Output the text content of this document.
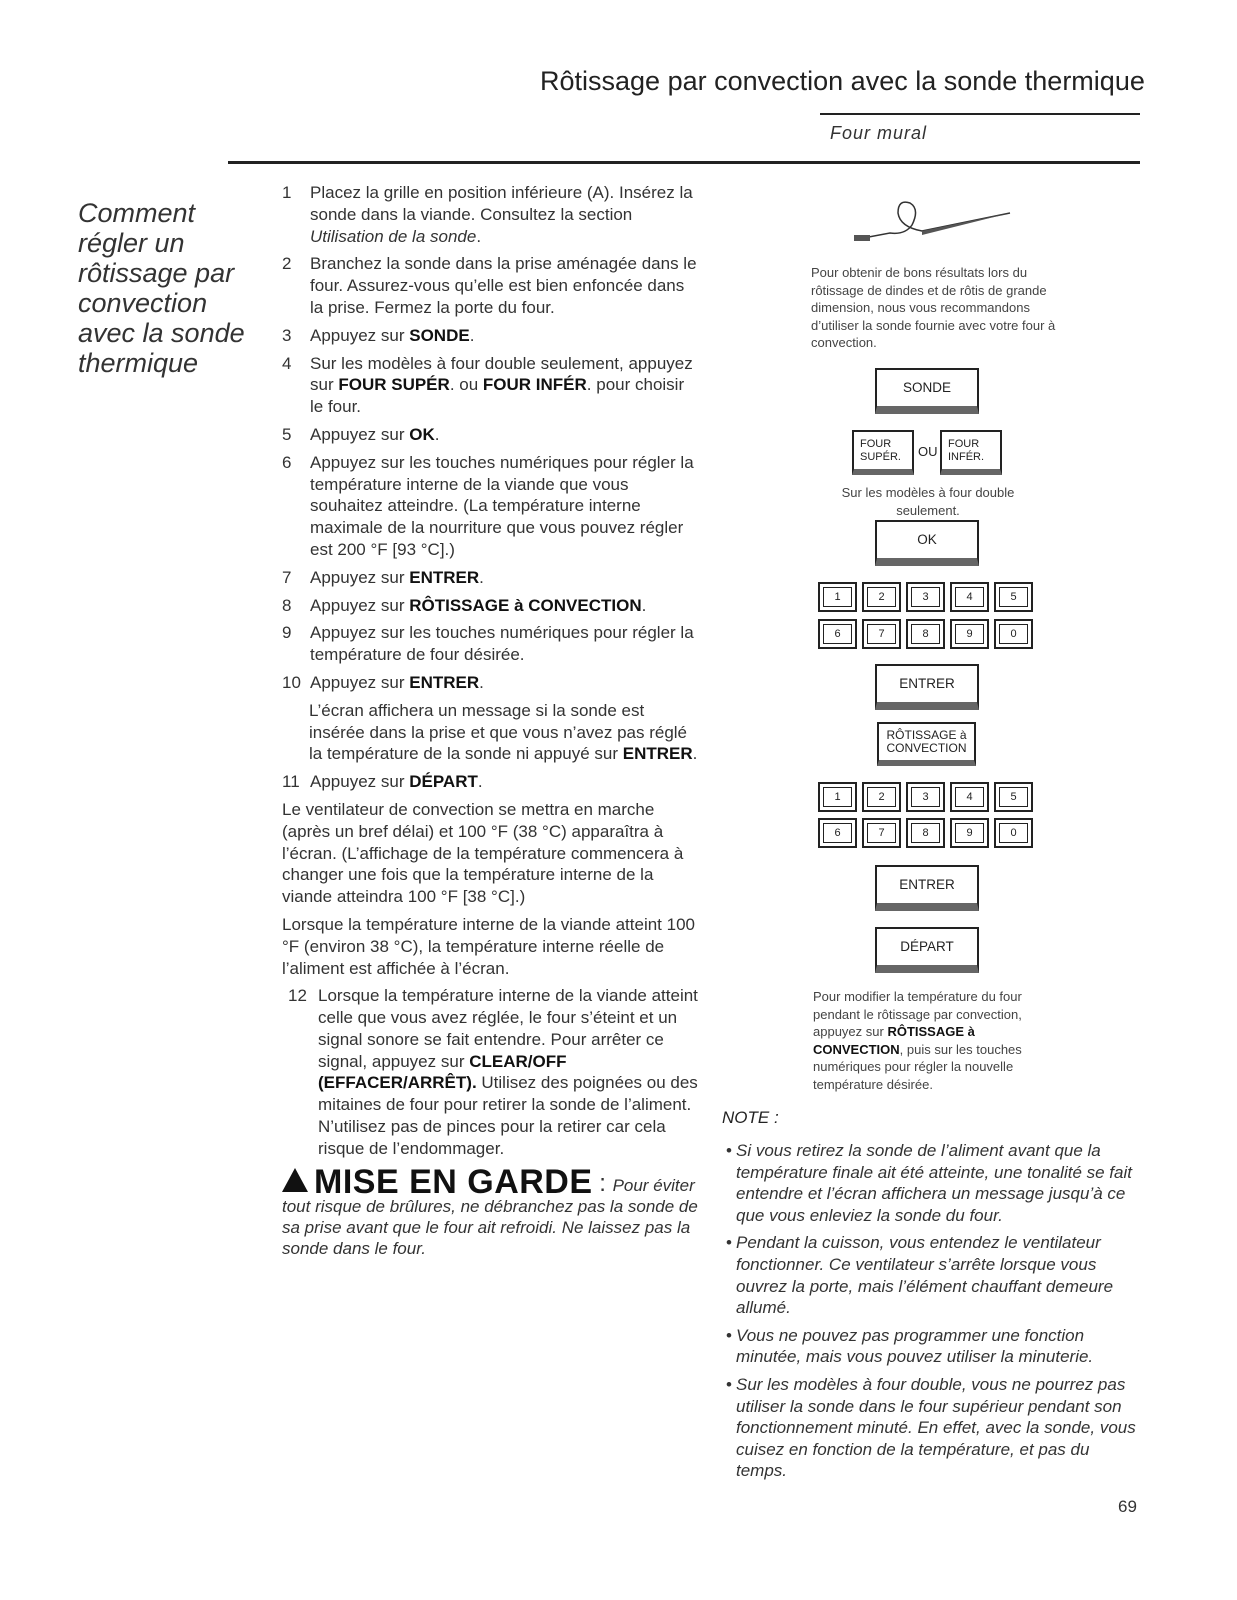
Rôtissage par convection avec la sonde thermique
Four mural
Comment régler un rôtissage par convection avec la sonde thermique
1	Placez la grille en position inférieure (A). Insérez la sonde dans la viande. Consultez la section Utilisation de la sonde.
2	Branchez la sonde dans la prise aménagée dans le four. Assurez-vous qu’elle est bien enfoncée dans la prise. Fermez la porte du four.
3	Appuyez sur SONDE.
4	Sur les modèles à four double seulement, appuyez sur FOUR SUPÉR. ou FOUR INFÉR. pour choisir le four.
5	Appuyez sur OK.
6	Appuyez sur les touches numériques pour régler la température interne de la viande que vous souhaitez atteindre. (La température interne maximale de la nourriture que vous pouvez régler est 200 °F [93 °C].)
7	Appuyez sur ENTRER.
8	Appuyez sur RÔTISSAGE à CONVECTION.
9	Appuyez sur les touches numériques pour régler la température de four désirée.
10 Appuyez sur ENTRER.
L’écran affichera un message si la sonde est insérée dans la prise et que vous n’avez pas réglé la température de la sonde ni appuyé sur ENTRER.
11 Appuyez sur DÉPART.
Le ventilateur de convection se mettra en marche (après un bref délai) et 100 °F (38 °C) apparaîtra à l’écran. (L’affichage de la température commencera à changer une fois que la température interne de la viande atteindra 100 °F [38 °C].)
Lorsque la température interne de la viande atteint 100 °F (environ 38 °C), la température interne réelle de l’aliment est affichée à l’écran.
12 Lorsque la température interne de la viande atteint celle que vous avez réglée, le four s’éteint et un signal sonore se fait entendre. Pour arrêter ce signal, appuyez sur CLEAR/OFF (EFFACER/ARRÊT). Utilisez des poignées ou des mitaines de four pour retirer la sonde de l’aliment. N’utilisez pas de pinces pour la retirer car cela risque de l’endommager.
MISE EN GARDE : Pour éviter tout risque de brûlures, ne débranchez pas la sonde de sa prise avant que le four ait refroidi. Ne laissez pas la sonde dans le four.
Pour obtenir de bons résultats lors du rôtissage de dindes et de rôtis de grande dimension, nous vous recommandons d’utiliser la sonde fournie avec votre four à convection.
SONDE
FOUR SUPÉR.	OU FOUR INFÉR.
Sur les modèles à four double seulement.
OK
1	2	3	4	5
6	7	8	9	0
ENTRER
RÔTISSAGE à
CONVECTION
1	2	3	4	5
6	7	8	9	0
ENTRER
DÉPART
Pour modifier la température du four pendant le rôtissage par convection, appuyez sur RÔTISSAGE à CONVECTION, puis sur les touches numériques pour régler la nouvelle température désirée.
NOTE :
• Si vous retirez la sonde de l’aliment avant que la température finale ait été atteinte, une tonalité se fait entendre et l’écran affichera un message jusqu’à ce que vous enleviez la sonde du four.
• Pendant la cuisson, vous entendez le ventilateur fonctionner. Ce ventilateur s’arrête lorsque vous ouvrez la porte, mais l’élément chauffant demeure allumé.
• Vous ne pouvez pas programmer une fonction minutée, mais vous pouvez utiliser la minuterie.
• Sur les modèles à four double, vous ne pourrez pas utiliser la sonde dans le four supérieur pendant son fonctionnement minuté. En effet, avec la sonde, vous cuisez en fonction de la température, et pas du temps.
69
